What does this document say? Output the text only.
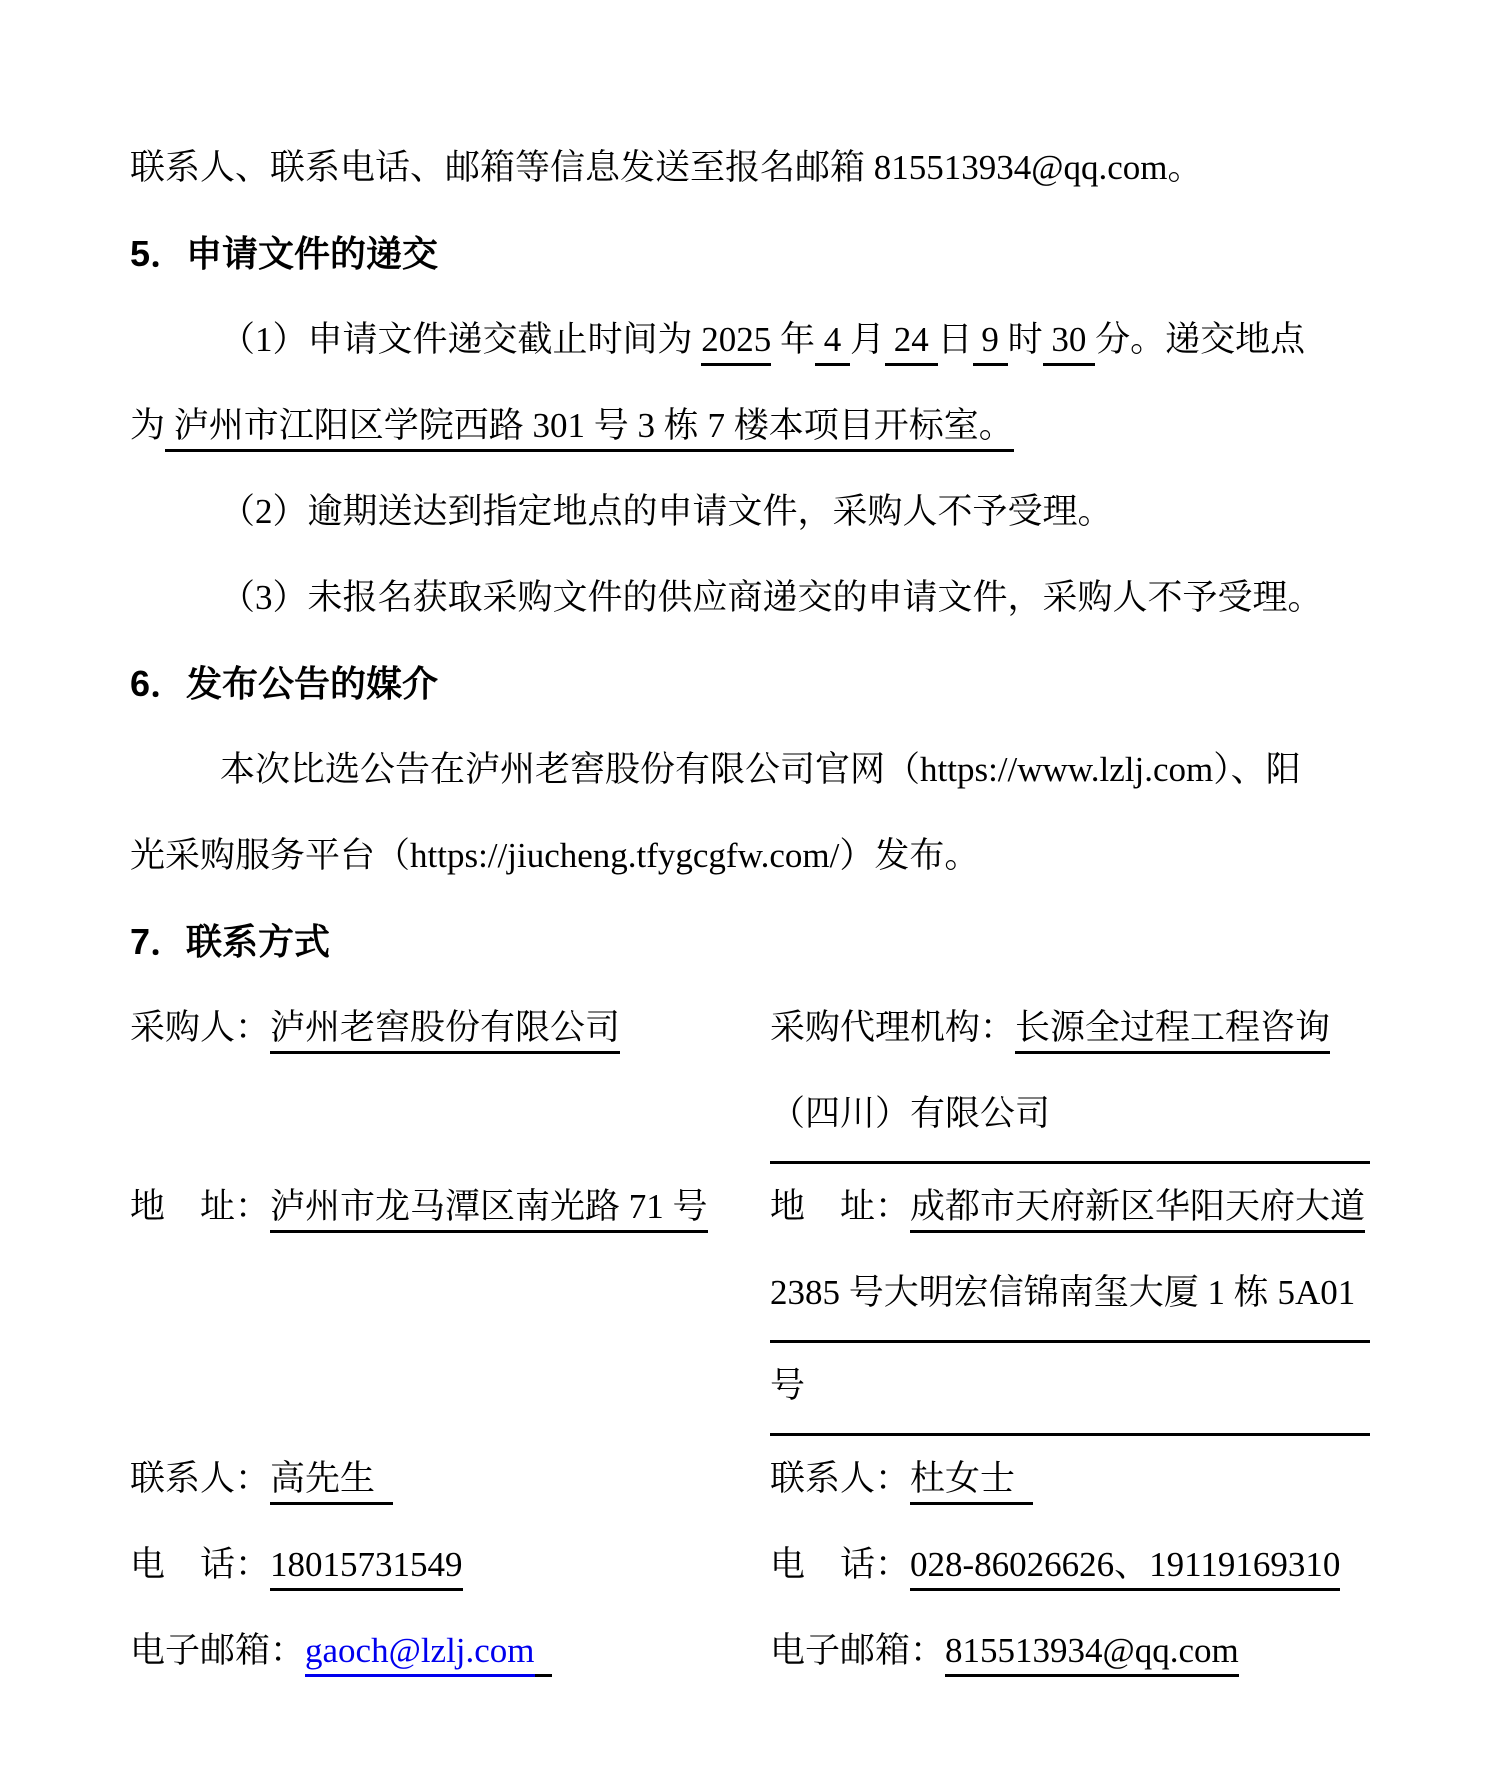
联系人、联系电话、邮箱等信息发送至报名邮箱 815513934@qq.com。
5．申请文件的递交
（1）申请文件递交截止时间为 2025 年 4 月 24 日 9 时 30 分。递交地点
为 泸州市江阳区学院西路 301 号 3 栋 7 楼本项目开标室。
（2）逾期送达到指定地点的申请文件，采购人不予受理。
（3）未报名获取采购文件的供应商递交的申请文件，采购人不予受理。
6．发布公告的媒介
本次比选公告在泸州老窖股份有限公司官网（https://www.lzlj.com）、阳
光采购服务平台（https://jiucheng.tfygcgfw.com/）发布。
7．联系方式
采购人：泸州老窖股份有限公司	采购代理机构：长源全过程工程咨询
（四川）有限公司
地　址：泸州市龙马潭区南光路 71 号	地　址：成都市天府新区华阳天府大道
2385 号大明宏信锦南玺大厦 1 栋 5A01
号
联系人：高先生	联系人：杜女士
电　话：18015731549	电　话：028-86026626、19119169310
电子邮箱：gaoch@lzlj.com	电子邮箱：815513934@qq.com
